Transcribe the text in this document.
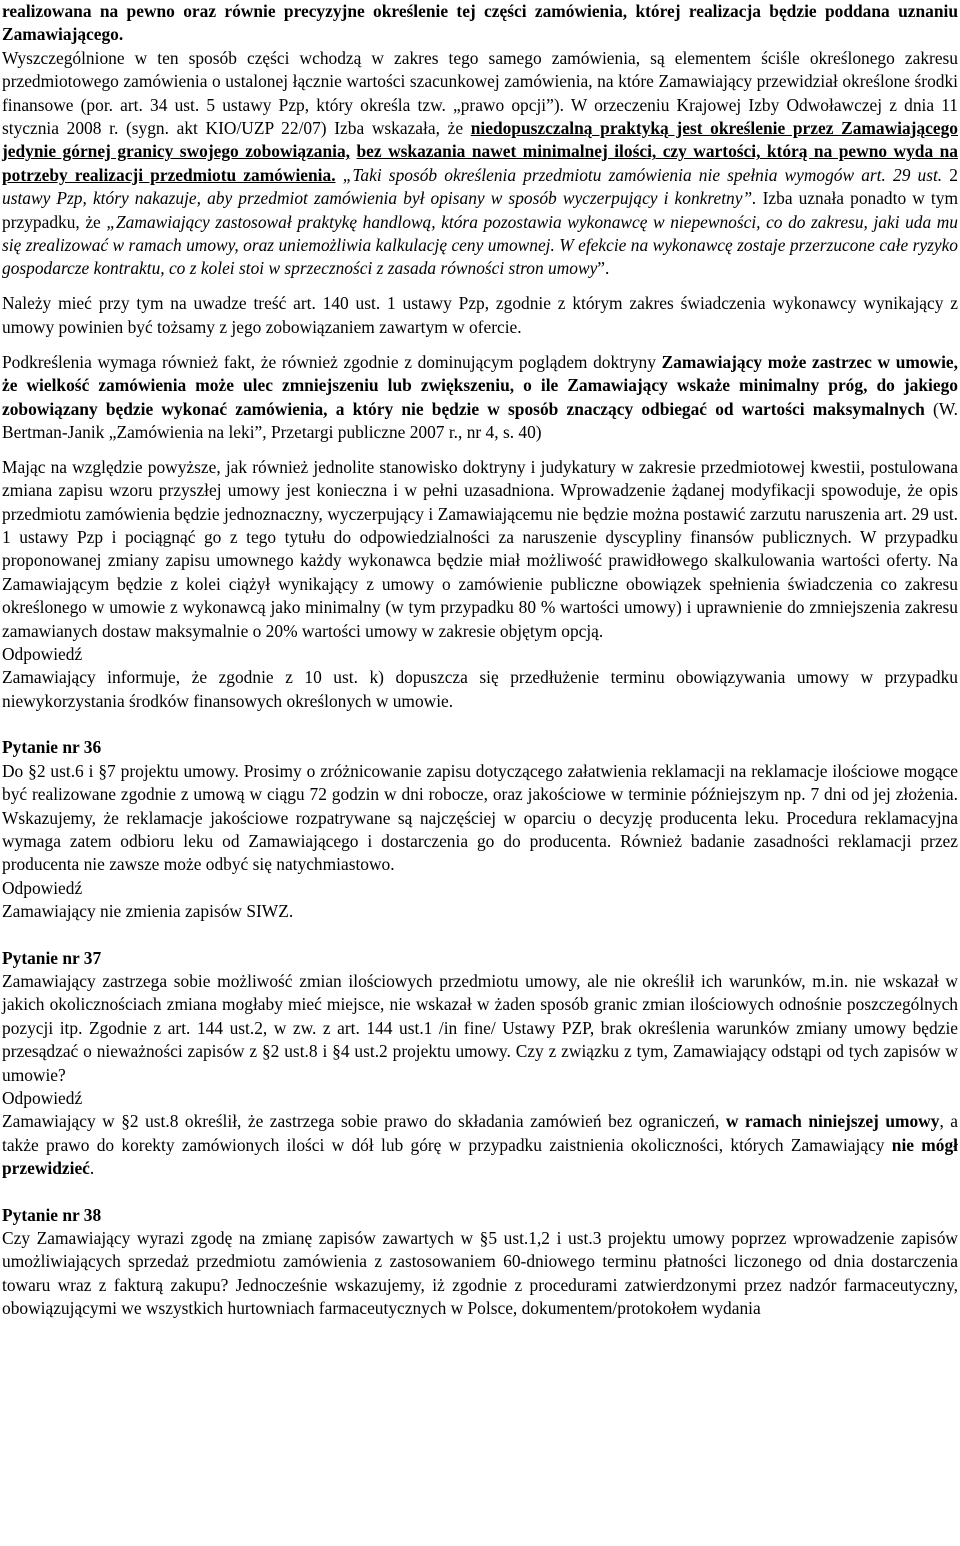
realizowana na pewno oraz równie precyzyjne określenie tej części zamówienia, której realizacja będzie poddana uznaniu Zamawiającego.

Wyszczególnione w ten sposób części wchodzą w zakres tego samego zamówienia, są elementem ściśle określonego zakresu przedmiotowego zamówienia o ustalonej łącznie wartości szacunkowej zamówienia, na które Zamawiający przewidział określone środki finansowe (por. art. 34 ust. 5 ustawy Pzp, który określa tzw. „prawo opcji”). W orzeczeniu Krajowej Izby Odwoławczej z dnia 11 stycznia 2008 r. (sygn. akt KIO/UZP 22/07) Izba wskazała, że niedopuszczalną praktyką jest określenie przez Zamawiającego jedynie górnej granicy swojego zobowiązania, bez wskazania nawet minimalnej ilości, czy wartości, którą na pewno wyda na potrzeby realizacji przedmiotu zamówienia. „Taki sposób określenia przedmiotu zamówienia nie spełnia wymogów art. 29 ust. 2 ustawy Pzp, który nakazuje, aby przedmiot zamówienia był opisany w sposób wyczerpujący i konkretny”. Izba uznała ponadto w tym przypadku, że „Zamawiający zastosował praktykę handlową, która pozostawia wykonawcę w niepewności, co do zakresu, jaki uda mu się zrealizować w ramach umowy, oraz uniemożliwia kalkulację ceny umownej. W efekcie na wykonawcę zostaje przerzucone całe ryzyko gospodarcze kontraktu, co z kolei stoi w sprzeczności z zasada równości stron umowy”.

Należy mieć przy tym na uwadze treść art. 140 ust. 1 ustawy Pzp, zgodnie z którym zakres świadczenia wykonawcy wynikający z umowy powinien być tożsamy z jego zobowiązaniem zawartym w ofercie.

Podkreślenia wymaga również fakt, że również zgodnie z dominującym poglądem doktryny Zamawiający może zastrzec w umowie, że wielkość zamówienia może ulec zmniejszeniu lub zwiększeniu, o ile Zamawiający wskaże minimalny próg, do jakiego zobowiązany będzie wykonać zamówienia, a który nie będzie w sposób znaczący odbiegać od wartości maksymalnych (W. Bertman-Janik „Zamówienia na leki”, Przetargi publiczne 2007 r., nr 4, s. 40)

Mając na względzie powyższe, jak również jednolite stanowisko doktryny i judykatury w zakresie przedmiotowej kwestii, postulowana zmiana zapisu wzoru przyszłej umowy jest konieczna i w pełni uzasadniona. Wprowadzenie żądanej modyfikacji spowoduje, że opis przedmiotu zamówienia będzie jednoznaczny, wyczerpujący i Zamawiającemu nie będzie można postawić zarzutu naruszenia art. 29 ust. 1 ustawy Pzp i pociągnąć go z tego tytułu do odpowiedzialności za naruszenie dyscypliny finansów publicznych. W przypadku proponowanej zmiany zapisu umownego każdy wykonawca będzie miał możliwość prawidłowego skalkulowania wartości oferty. Na Zamawiającym będzie z kolei ciążył wynikający z umowy o zamówienie publiczne obowiązek spełnienia świadczenia co zakresu określonego w umowie z wykonawcą jako minimalny (w tym przypadku 80 % wartości umowy) i uprawnienie do zmniejszenia zakresu zamawianych dostaw maksymalnie o 20% wartości umowy w zakresie objętym opcją.

Odpowiedź

Zamawiający informuje, że zgodnie z 10 ust. k) dopuszcza się przedłużenie terminu obowiązywania umowy w przypadku niewykorzystania środków finansowych określonych w umowie.

Pytanie nr 36

Do §2 ust.6 i §7 projektu umowy. Prosimy o zróżnicowanie zapisu dotyczącego załatwienia reklamacji na reklamacje ilościowe mogące być realizowane zgodnie z umową w ciągu 72 godzin w dni robocze, oraz jakościowe w terminie późniejszym np. 7 dni od jej złożenia. Wskazujemy, że reklamacje jakościowe rozpatrywane są najczęściej w oparciu o decyzję producenta leku. Procedura reklamacyjna wymaga zatem odbioru leku od Zamawiającego i dostarczenia go do producenta. Również badanie zasadności reklamacji przez producenta nie zawsze może odbyć się natychmiastowo.

Odpowiedź

Zamawiający nie zmienia zapisów SIWZ.

Pytanie nr 37

Zamawiający zastrzega sobie możliwość zmian ilościowych przedmiotu umowy, ale nie określił ich warunków, m.in. nie wskazał w jakich okolicznościach zmiana mogłaby mieć miejsce, nie wskazał w żaden sposób granic zmian ilościowych odnośnie poszczególnych pozycji itp. Zgodnie z art. 144 ust.2, w zw. z art. 144 ust.1 /in fine/ Ustawy PZP, brak określenia warunków zmiany umowy będzie przesądzać o nieważności zapisów z §2 ust.8 i §4 ust.2 projektu umowy. Czy z związku z tym, Zamawiający odstąpi od tych zapisów w umowie?

Odpowiedź

Zamawiający w §2 ust.8 określił, że zastrzega sobie prawo do składania zamówień bez ograniczeń, w ramach niniejszej umowy, a także prawo do korekty zamówionych ilości w dół lub górę w przypadku zaistnienia okoliczności, których Zamawiający nie mógł przewidzieć.

Pytanie nr 38

Czy Zamawiający wyrazi zgodę na zmianę zapisów zawartych w §5 ust.1,2 i ust.3 projektu umowy poprzez wprowadzenie zapisów umożliwiających sprzedaż przedmiotu zamówienia z zastosowaniem 60-dniowego terminu płatności liczonego od dnia dostarczenia towaru wraz z fakturą zakupu? Jednocześnie wskazujemy, iż zgodnie z procedurami zatwierdzonymi przez nadzór farmaceutyczny, obowiązującymi we wszystkich hurtowniach farmaceutycznych w Polsce, dokumentem/protokołem wydania
